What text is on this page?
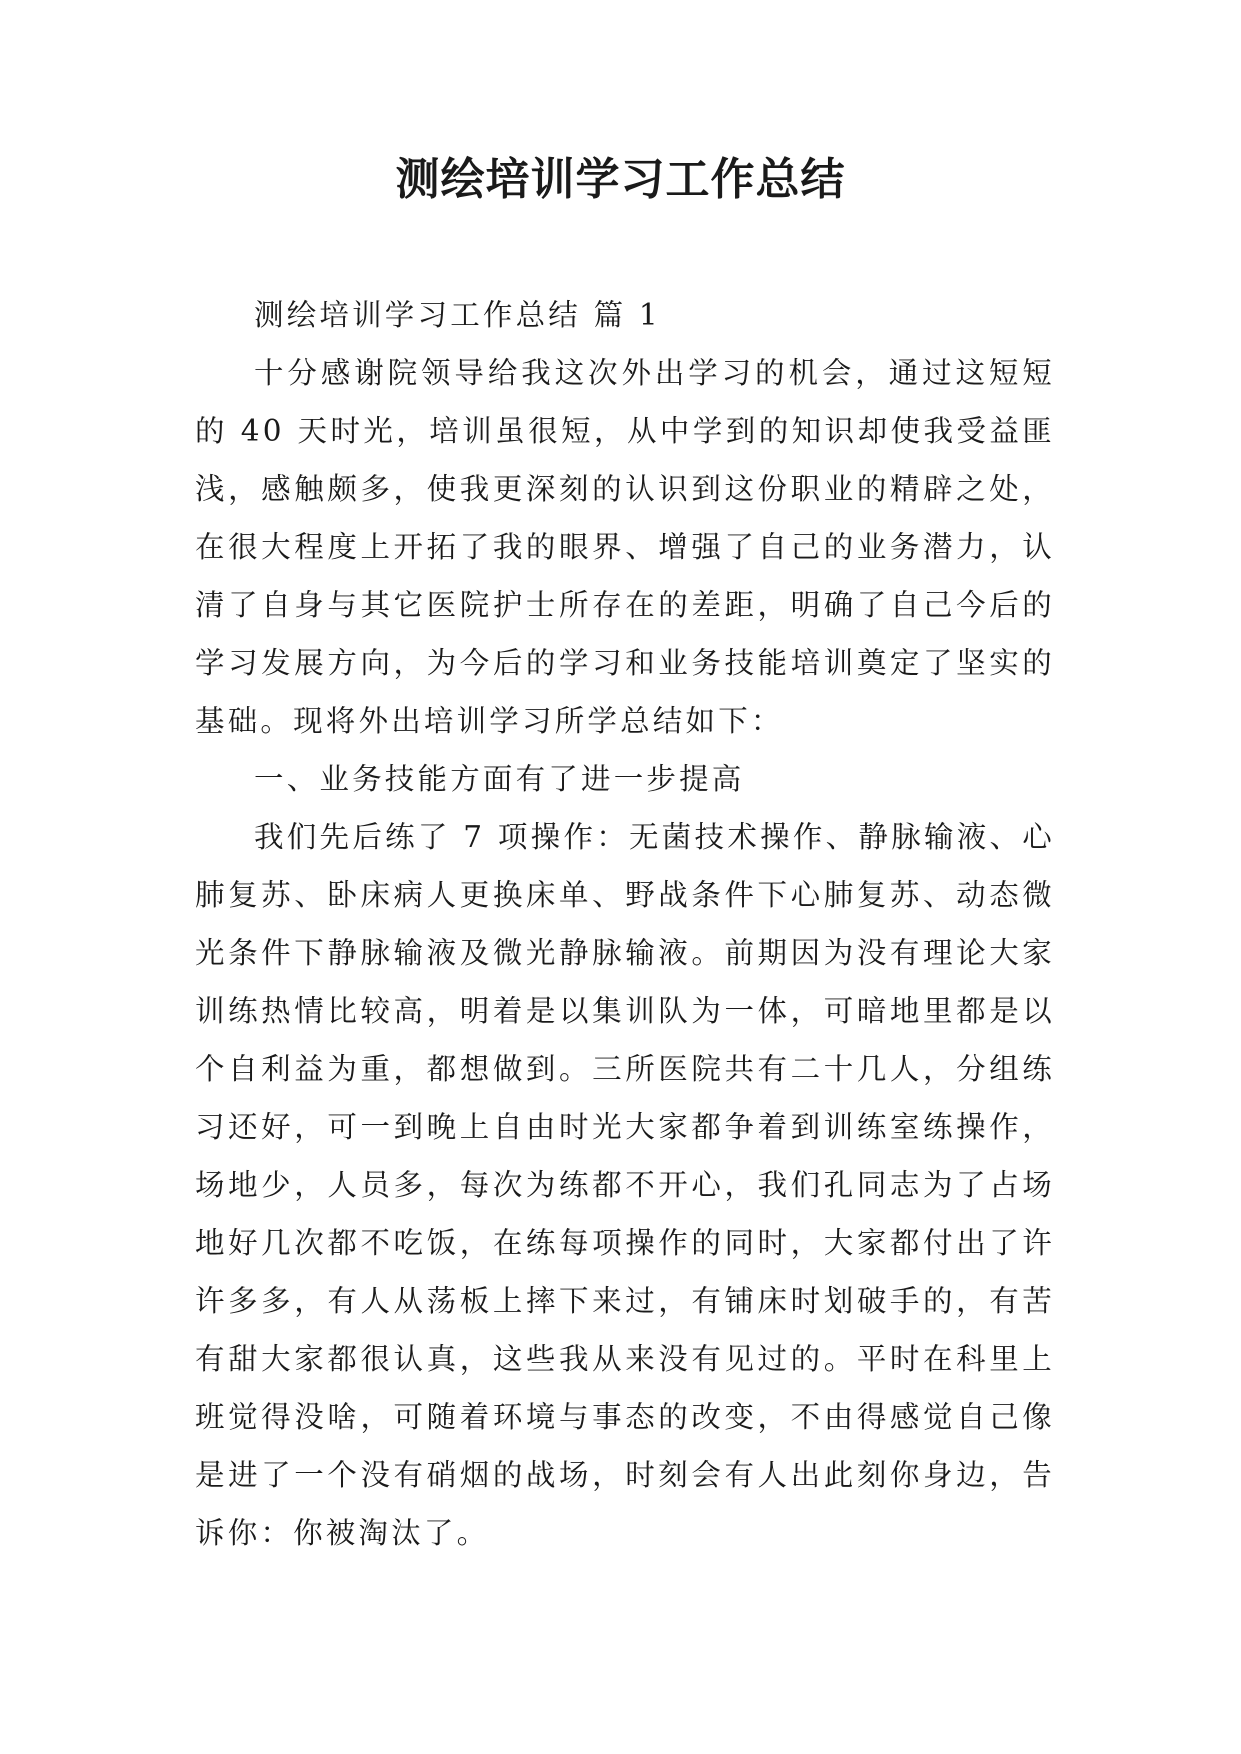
测绘培训学习工作总结

测绘培训学习工作总结 篇 1

十分感谢院领导给我这次外出学习的机会，通过这短短的 40 天时光，培训虽很短，从中学到的知识却使我受益匪浅，感触颇多，使我更深刻的认识到这份职业的精辟之处，在很大程度上开拓了我的眼界、增强了自己的业务潜力，认清了自身与其它医院护士所存在的差距，明确了自己今后的学习发展方向，为今后的学习和业务技能培训奠定了坚实的基础。现将外出培训学习所学总结如下：

一、业务技能方面有了进一步提高

我们先后练了 7 项操作：无菌技术操作、静脉输液、心肺复苏、卧床病人更换床单、野战条件下心肺复苏、动态微光条件下静脉输液及微光静脉输液。前期因为没有理论大家训练热情比较高，明着是以集训队为一体，可暗地里都是以个自利益为重，都想做到。三所医院共有二十几人，分组练习还好，可一到晚上自由时光大家都争着到训练室练操作，场地少，人员多，每次为练都不开心，我们孔同志为了占场地好几次都不吃饭，在练每项操作的同时，大家都付出了许许多多，有人从荡板上摔下来过，有铺床时划破手的，有苦有甜大家都很认真，这些我从来没有见过的。平时在科里上班觉得没啥，可随着环境与事态的改变，不由得感觉自己像是进了一个没有硝烟的战场，时刻会有人出此刻你身边，告诉你：你被淘汰了。
